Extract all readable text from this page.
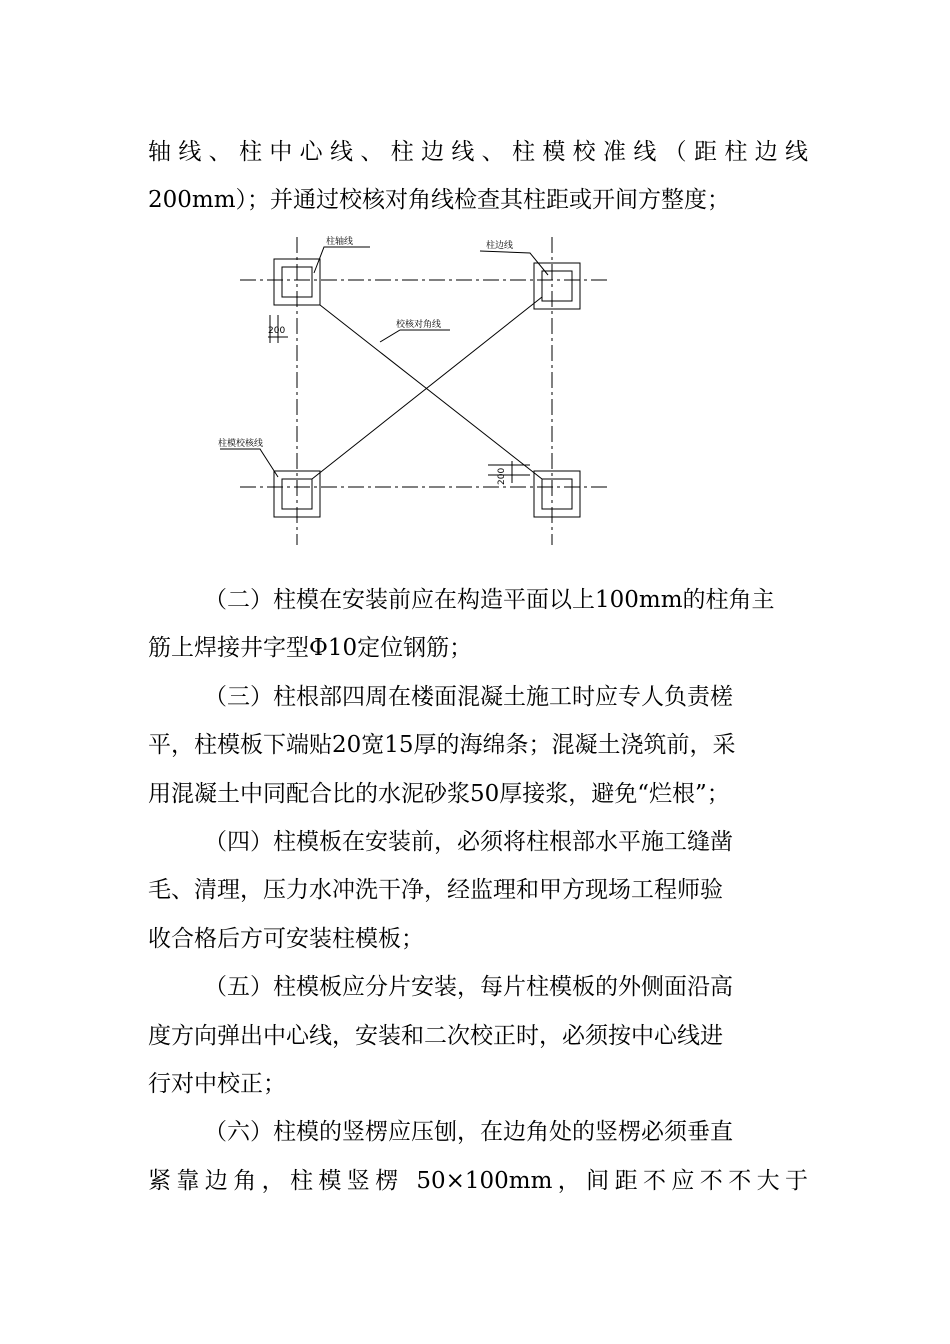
轴线、柱中心线、柱边线、柱模校准线（距柱边线

200mm）；并通过校核对角线检查其柱距或开间方整度；

柱轴线	柱边线
校核对角线
柱模校核线
200
200

（二）柱模在安装前应在构造平面以上100mm的柱角主

筋上焊接井字型Φ10定位钢筋；

（三）柱根部四周在楼面混凝土施工时应专人负责槎

平，柱模板下端贴20宽15厚的海绵条；混凝土浇筑前，采

用混凝土中同配合比的水泥砂浆50厚接浆，避免“烂根”；

（四）柱模板在安装前，必须将柱根部水平施工缝凿

毛、清理，压力水冲洗干净，经监理和甲方现场工程师验

收合格后方可安装柱模板；

（五）柱模板应分片安装，每片柱模板的外侧面沿高

度方向弹出中心线，安装和二次校正时，必须按中心线进

行对中校正；

（六）柱模的竖楞应压刨，在边角处的竖楞必须垂直

紧靠边角，柱模竖楞 50×100mm，间距不应不不大于
